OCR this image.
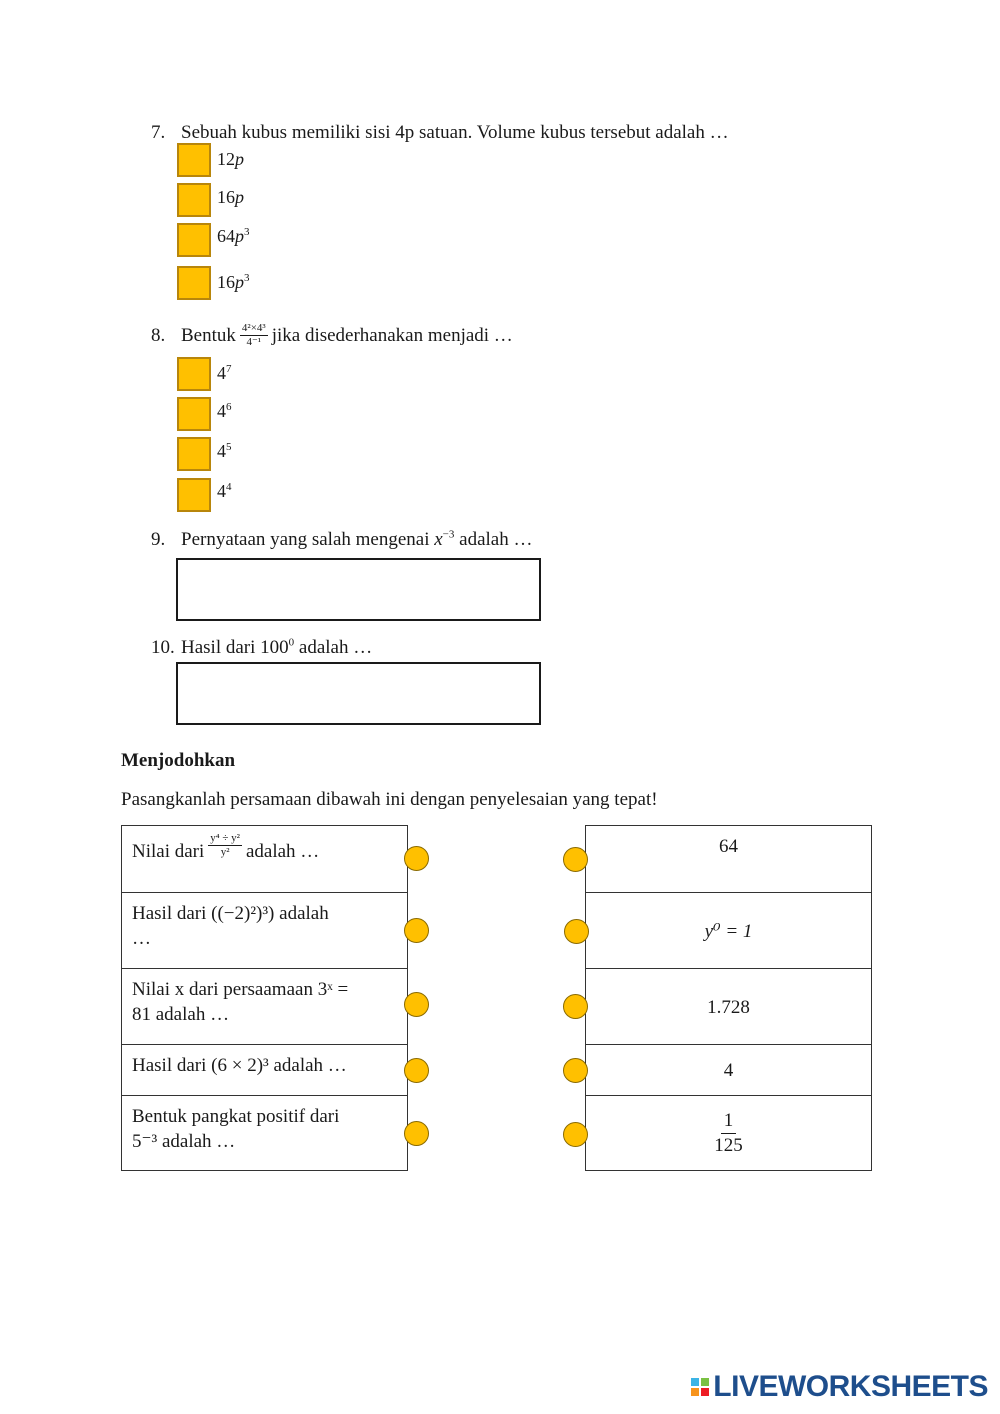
7. Sebuah kubus memiliki sisi 4p satuan. Volume kubus tersebut adalah …
12p
16p
$64p^3$
$16p^3$
8. Bentuk $\frac{\text{4²×4³}}{\text{4⁻¹}}$ jika disederhanakan menjadi …
$4^7$
$4^6$
$4^5$
$4^4$
9. Pernyataan yang salah mengenai $x^{-3}$ adalah …
10. Hasil dari $100^0$ adalah …
Menjodohkan
Pasangkanlah persamaan dibawah ini dengan penyelesaian yang tepat!
Nilai dari $\frac{\text{y⁴ ÷ y²}}{\text{y²}}$ adalah …
Hasil dari ((−2)²)³) adalah
…
Nilai x dari persaamaan 3ˣ =
81 adalah …
Hasil dari (6 × 2)³ adalah …
Bentuk pangkat positif dari
5⁻³ adalah …
64
y⁰ = 1
1.728
4
$\frac{1}{125}$
LIVEWORKSHEETS
